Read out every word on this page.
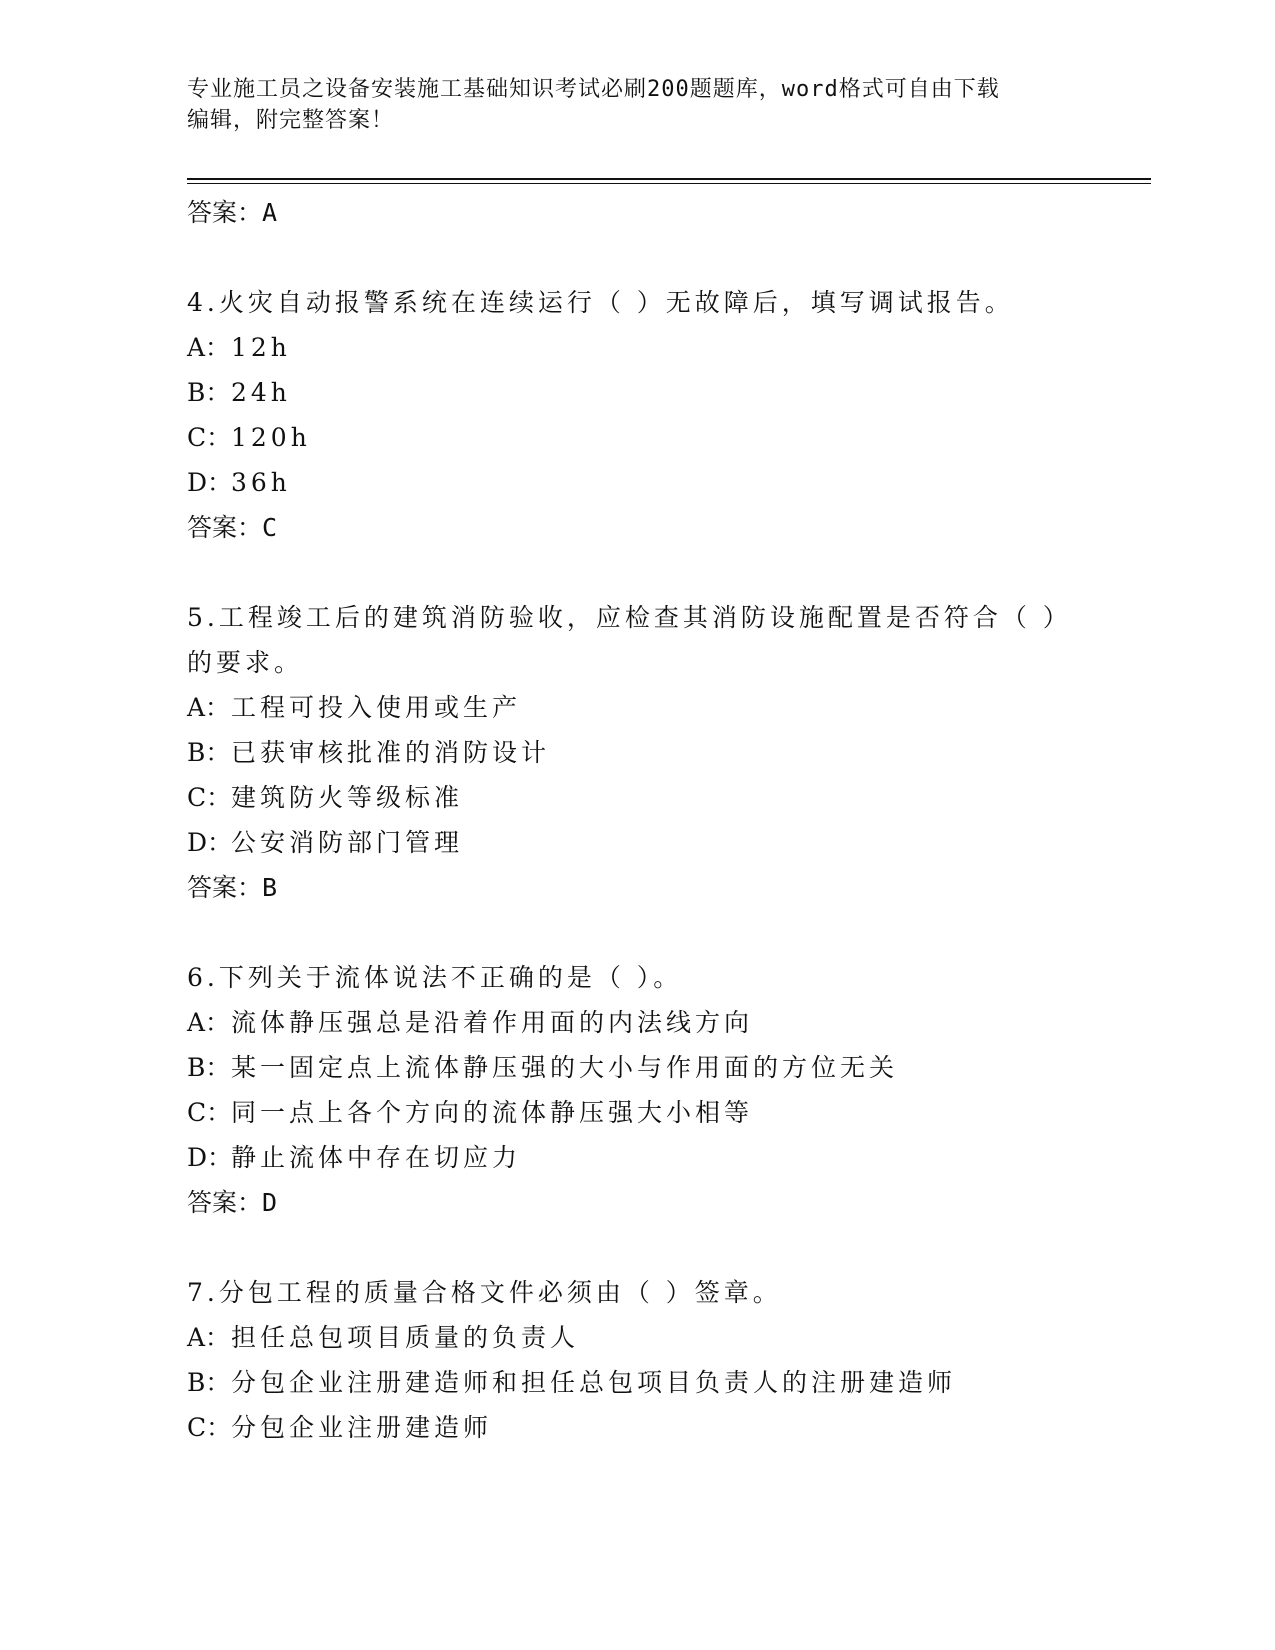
专业施工员之设备安装施工基础知识考试必刷200题题库，word格式可自由下载
编辑，附完整答案！
答案：A
4.火灾自动报警系统在连续运行（ ）无故障后，填写调试报告。
A：12h
B：24h
C：120h
D：36h
答案：C
5.工程竣工后的建筑消防验收，应检查其消防设施配置是否符合（ ）
的要求。
A：工程可投入使用或生产
B：已获审核批准的消防设计
C：建筑防火等级标准
D：公安消防部门管理
答案：B
6.下列关于流体说法不正确的是（ ）。
A：流体静压强总是沿着作用面的内法线方向
B：某一固定点上流体静压强的大小与作用面的方位无关
C：同一点上各个方向的流体静压强大小相等
D：静止流体中存在切应力
答案：D
7.分包工程的质量合格文件必须由（ ）签章。
A：担任总包项目质量的负责人
B：分包企业注册建造师和担任总包项目负责人的注册建造师
C：分包企业注册建造师
